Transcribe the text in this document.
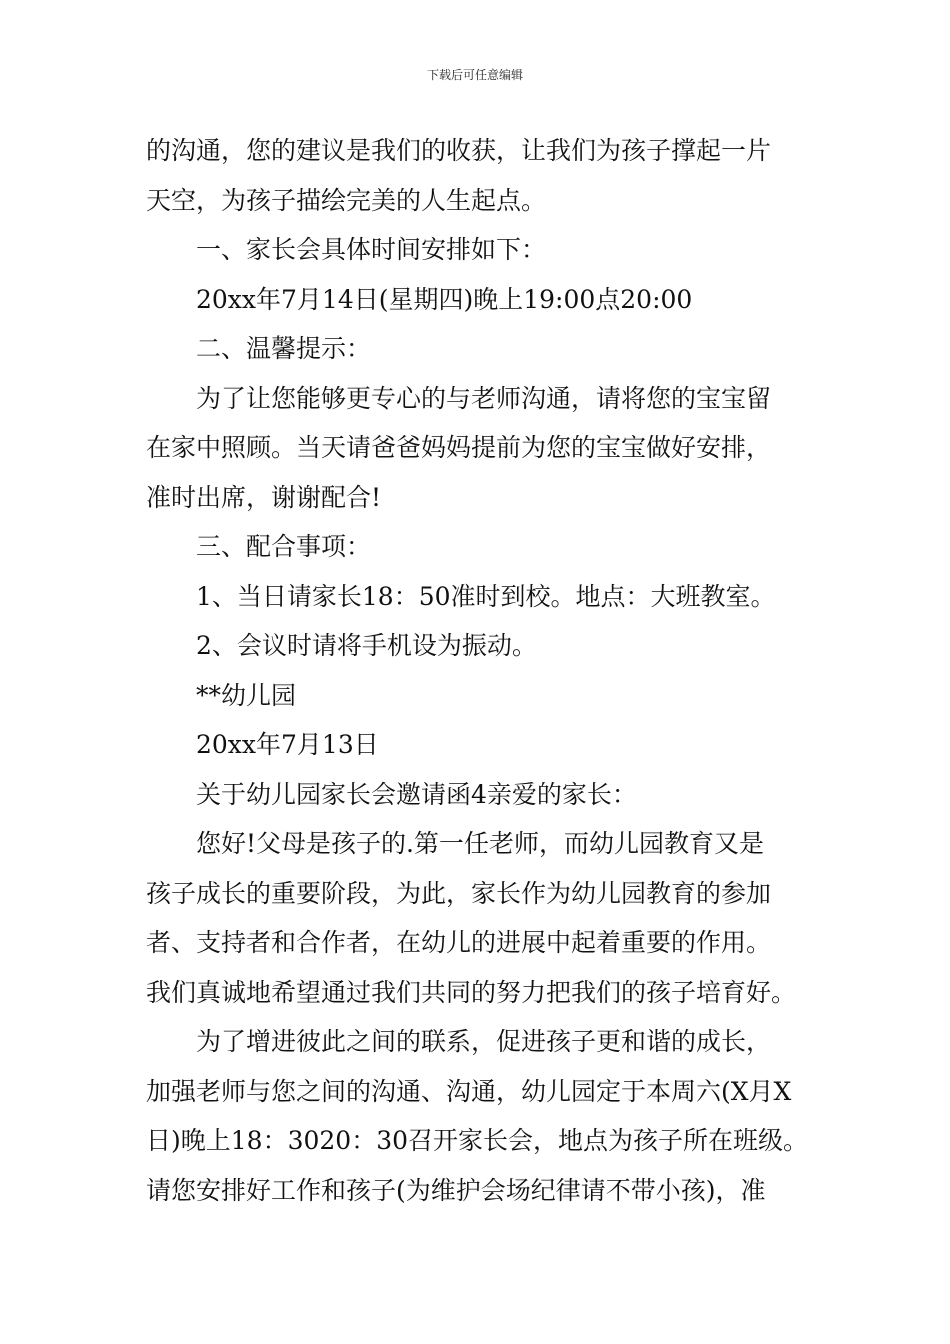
下载后可任意编辑
的沟通，您的建议是我们的收获，让我们为孩子撑起一片
天空，为孩子描绘完美的人生起点。
一、家长会具体时间安排如下：
20xx年7月14日(星期四)晚上19:00点20:00
二、温馨提示：
为了让您能够更专心的与老师沟通，请将您的宝宝留
在家中照顾。当天请爸爸妈妈提前为您的宝宝做好安排，
准时出席，谢谢配合!
三、配合事项：
1、当日请家长18：50准时到校。地点：大班教室。
2、会议时请将手机设为振动。
**幼儿园
20xx年7月13日
关于幼儿园家长会邀请函4亲爱的家长：
您好!父母是孩子的.第一任老师，而幼儿园教育又是
孩子成长的重要阶段，为此，家长作为幼儿园教育的参加
者、支持者和合作者，在幼儿的进展中起着重要的作用。
我们真诚地希望通过我们共同的努力把我们的孩子培育好。
为了增进彼此之间的联系，促进孩子更和谐的成长，
加强老师与您之间的沟通、沟通，幼儿园定于本周六(X月X
日)晚上18：3020：30召开家长会，地点为孩子所在班级。
请您安排好工作和孩子(为维护会场纪律请不带小孩)，准
